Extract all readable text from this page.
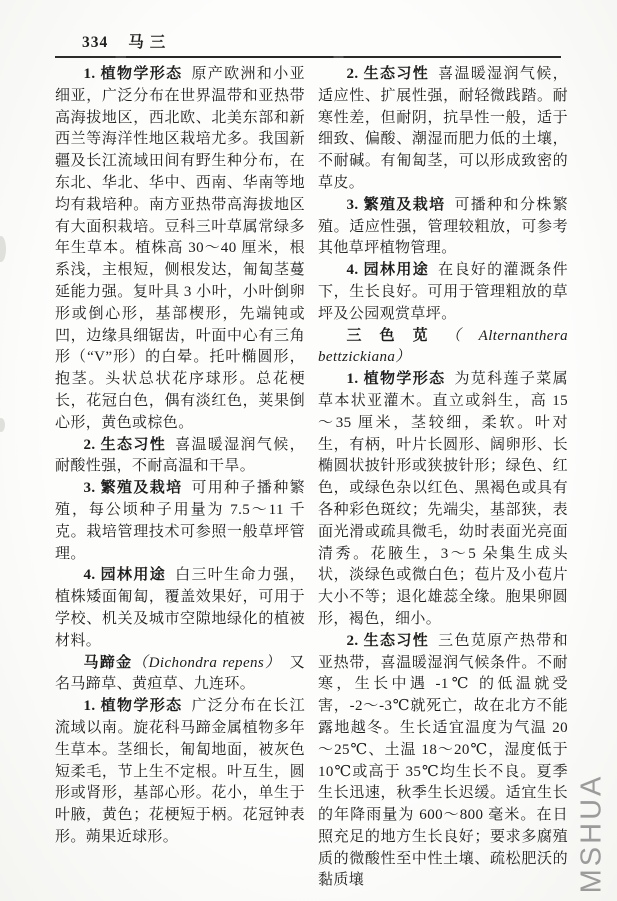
334 马三

1. 植物学形态 原产欧洲和小亚细亚，广泛分布在世界温带和亚热带高海拔地区，西北欧、北美东部和新西兰等海洋性地区栽培尤多。我国新疆及长江流域田间有野生种分布，在东北、华北、华中、西南、华南等地均有栽培种。南方亚热带高海拔地区有大面积栽培。豆科三叶草属常绿多年生草本。植株高 30～40 厘米，根系浅，主根短，侧根发达，匍匐茎蔓延能力强。复叶具 3 小叶，小叶倒卵形或倒心形，基部楔形，先端钝或凹，边缘具细锯齿，叶面中心有三角形（“V”形）的白晕。托叶椭圆形，抱茎。头状总状花序球形。总花梗长，花冠白色，偶有淡红色，荚果倒心形，黄色或棕色。

2. 生态习性 喜温暖湿润气候，耐酸性强，不耐高温和干旱。

3. 繁殖及栽培 可用种子播种繁殖，每公顷种子用量为 7.5～11 千克。栽培管理技术可参照一般草坪管理。

4. 园林用途 白三叶生命力强，植株矮面匍匐，覆盖效果好，可用于学校、机关及城市空隙地绿化的植被材料。

马蹄金（Dichondra repens） 又名马蹄草、黄疸草、九连环。

1. 植物学形态 广泛分布在长江流域以南。旋花科马蹄金属植物多年生草本。茎细长，匍匐地面，被灰色短柔毛，节上生不定根。叶互生，圆形或肾形，基部心形。花小，单生于叶腋，黄色；花梗短于柄。花冠钟表形。蒴果近球形。

2. 生态习性 喜温暖湿润气候，适应性、扩展性强，耐轻微践踏。耐寒性差，但耐阴，抗旱性一般，适于细致、偏酸、潮湿而肥力低的土壤，不耐碱。有匍匐茎，可以形成致密的草皮。

3. 繁殖及栽培 可播种和分株繁殖。适应性强，管理较粗放，可参考其他草坪植物管理。

4. 园林用途 在良好的灌溉条件下，生长良好。可用于管理粗放的草坪及公园观赏草坪。

三色苋（Alternanthera bettzickiana）

1. 植物学形态 为苋科莲子菜属草本状亚灌木。直立或斜生，高 15～35 厘米，茎较细，柔软。叶对生，有柄，叶片长圆形、阔卵形、长椭圆状披针形或狭披针形；绿色、红色，或绿色杂以红色、黑褐色或具有各种彩色斑纹；先端尖，基部狭，表面光滑或疏具微毛，幼时表面光亮面清秀。花腋生，3～5 朵集生成头状，淡绿色或微白色；苞片及小苞片大小不等；退化雄蕊全缘。胞果卵圆形，褐色，细小。

2. 生态习性 三色苋原产热带和亚热带，喜温暖湿润气候条件。不耐寒，生长中遇 -1℃ 的低温就受害，-2～-3℃就死亡，故在北方不能露地越冬。生长适宜温度为气温 20～25℃、土温 18～20℃，湿度低于 10℃或高于 35℃均生长不良。夏季生长迅速，秋季生长迟缓。适宜生长的年降雨量为 600～800 毫米。在日照充足的地方生长良好；要求多腐殖质的微酸性至中性土壤、疏松肥沃的黏质壤	MSHUA
